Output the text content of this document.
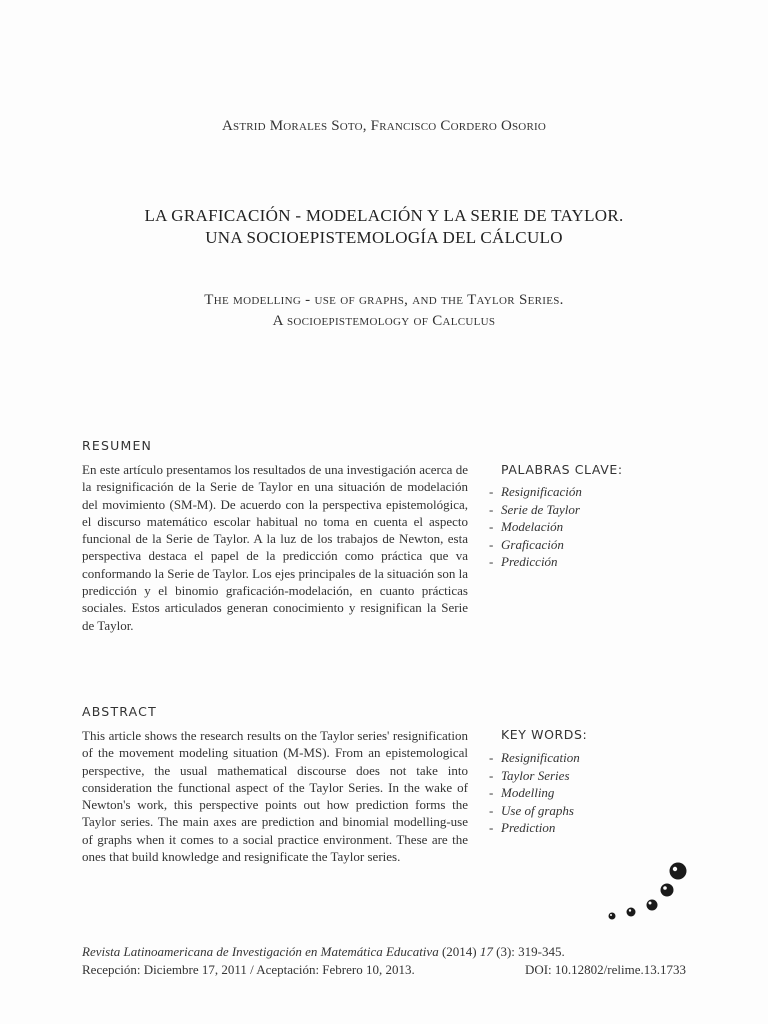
Astrid Morales Soto, Francisco Cordero Osorio
LA GRAFICACIÓN - MODELACIÓN Y LA SERIE DE TAYLOR.
UNA SOCIOEPISTEMOLOGÍA DEL CÁLCULO
The modelling - use of graphs, and the Taylor Series.
A socioepistemology of Calculus
RESUMEN
En este artículo presentamos los resultados de una investigación acerca de la resignificación de la Serie de Taylor en una situación de modelación del movimiento (SM-M). De acuerdo con la perspectiva epistemológica, el discurso matemático escolar habitual no toma en cuenta el aspecto funcional de la Serie de Taylor. A la luz de los trabajos de Newton, esta perspectiva destaca el papel de la predicción como práctica que va conformando la Serie de Taylor. Los ejes principales de la situación son la predicción y el binomio graficación-modelación, en cuanto prácticas sociales. Estos articulados generan conocimiento y resignifican la Serie de Taylor.
PALABRAS CLAVE:
- Resignificación
- Serie de Taylor
- Modelación
- Graficación
- Predicción
ABSTRACT
This article shows the research results on the Taylor series' resignification of the movement modeling situation (M-MS). From an epistemological perspective, the usual mathematical discourse does not take into consideration the functional aspect of the Taylor Series. In the wake of Newton's work, this perspective points out how prediction forms the Taylor series. The main axes are prediction and binomial modelling-use of graphs when it comes to a social practice environment. These are the ones that build knowledge and resignificate the Taylor series.
KEY WORDS:
- Resignification
- Taylor Series
- Modelling
- Use of graphs
- Prediction
Revista Latinoamericana de Investigación en Matemática Educativa (2014) 17 (3): 319-345.
Recepción: Diciembre 17, 2011 / Aceptación: Febrero 10, 2013.	DOI: 10.12802/relime.13.1733
